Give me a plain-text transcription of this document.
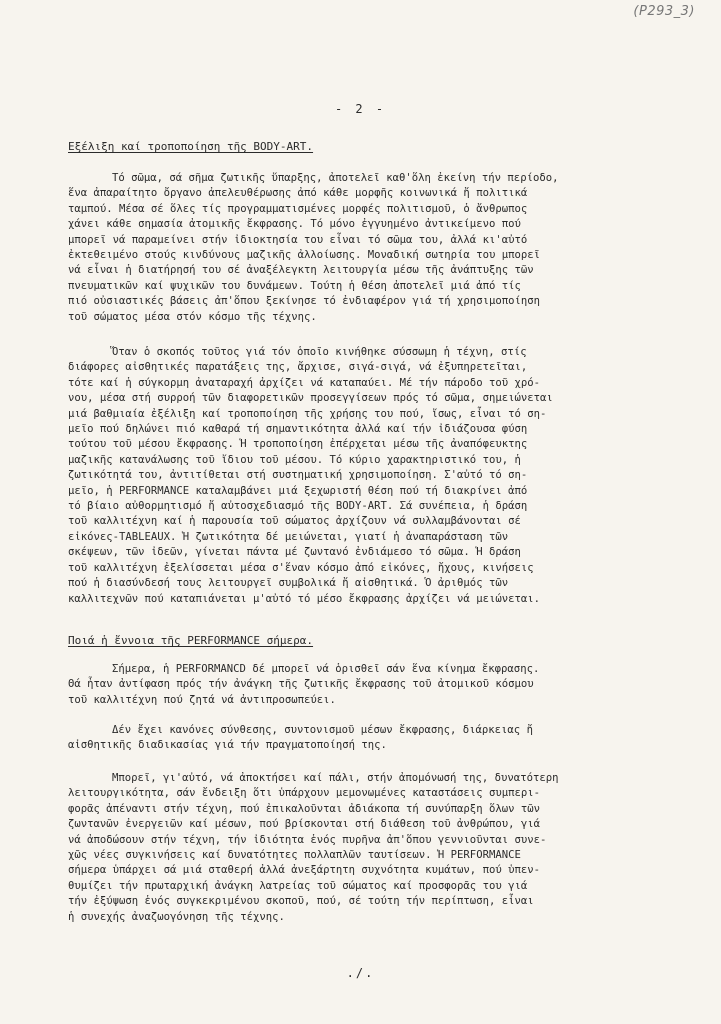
(P293_3)
- 2 -
Εξέλιξη καί τροποποίηση τῆς BODY-ART.

Τό σῶμα, σά σῆμα ζωτικῆς ὕπαρξης, ἀποτελεῖ καθ'ὅλη ἐκείνη τήν περίοδο,
ἕνα ἀπαραίτητο ὄργανο ἀπελευθέρωσης ἀπό κάθε μορφῆς κοινωνικά ἤ πολιτικά
ταμπού. Μέσα σέ ὅλες τίς προγραμματισμένες μορφές πολιτισμοῦ, ὁ ἄνθρωπος
χάνει κάθε σημασία ἀτομικῆς ἔκφρασης. Τό μόνο ἐγγυημένο ἀντικείμενο πού
μπορεῖ νά παραμείνει στήν ἰδιοκτησία του εἶναι τό σῶμα του, ἀλλά κι'αὐτό
ἐκτεθειμένο στούς κινδύνους μαζικῆς ἀλλοίωσης. Μοναδική σωτηρία του μπορεῖ
νά εἶναι ἡ διατήρησή του σέ ἀναξέλεγκτη λειτουργία μέσω τῆς ἀνάπτυξης τῶν
πνευματικῶν καί ψυχικῶν του δυνάμεων. Τούτη ἡ θέση ἀποτελεῖ μιά ἀπό τίς
πιό οὐσιαστικές βάσεις ἀπ'ὅπου ξεκίνησε τό ἐνδιαφέρον γιά τή χρησιμοποίηση
τοῦ σώματος μέσα στόν κόσμο τῆς τέχνης.

Ὅταν ὁ σκοπός τοῦτος γιά τόν ὁποῖο κινήθηκε σύσσωμη ἡ τέχνη, στίς
διάφορες αἰσθητικές παρατάξεις της, ἄρχισε, σιγά-σιγά, νά ἐξυπηρετεῖται,
τότε καί ἡ σύγκορμη ἀναταραχή ἀρχίζει νά καταπαύει. Μέ τήν πάροδο τοῦ χρό-
νου, μέσα στή συρροή τῶν διαφορετικῶν προσεγγίσεων πρός τό σῶμα, σημειώνεται
μιά βαθμιαία ἐξέλιξη καί τροποποίηση τῆς χρήσης του πού, ἴσως, εἶναι τό ση-
μεῖο πού δηλώνει πιό καθαρά τή σημαντικότητα ἀλλά καί τήν ἰδιάζουσα φύση
τούτου τοῦ μέσου ἔκφρασης. Ἡ τροποποίηση ἐπέρχεται μέσω τῆς ἀναπόφευκτης
μαζικῆς κατανάλωσης τοῦ ἴδιου τοῦ μέσου. Τό κύριο χαρακτηριστικό του, ἡ
ζωτικότητά του, ἀντιτίθεται στή συστηματική χρησιμοποίηση. Σ'αὐτό τό ση-
μεῖο, ἡ PERFORMANCE καταλαμβάνει μιά ξεχωριστή θέση πού τή διακρίνει ἀπό
τό βίαιο αὐθορμητισμό ἤ αὐτοσχεδιασμό τῆς BODY-ART. Σά συνέπεια, ἡ δράση
τοῦ καλλιτέχνη καί ἡ παρουσία τοῦ σώματος ἀρχίζουν νά συλλαμβάνονται σέ
εἰκόνες-TABLEAUX. Ἡ ζωτικότητα δέ μειώνεται, γιατί ἡ ἀναπαράσταση τῶν
σκέψεων, τῶν ἰδεῶν, γίνεται πάντα μέ ζωντανό ἐνδιάμεσο τό σῶμα. Ἡ δράση
τοῦ καλλιτέχνη ἐξελίσσεται μέσα σ'ἕναν κόσμο ἀπό εἰκόνες, ἤχους, κινήσεις
πού ἡ διασύνδεσή τους λειτουργεῖ συμβολικά ἤ αἰσθητικά. Ὁ ἀριθμός τῶν
καλλιτεχνῶν πού καταπιάνεται μ'αὐτό τό μέσο ἔκφρασης ἀρχίζει νά μειώνεται.

Ποιά ἡ ἔννοια τῆς PERFORMANCE σήμερα.

Σήμερα, ἡ PERFORMANCD δέ μπορεῖ νά ὁρισθεῖ σάν ἕνα κίνημα ἔκφρασης.
Θά ἦταν ἀντίφαση πρός τήν ἀνάγκη τῆς ζωτικῆς ἔκφρασης τοῦ ἀτομικοῦ κόσμου
τοῦ καλλιτέχνη πού ζητά νά ἀντιπροσωπεύει.

Δέν ἔχει κανόνες σύνθεσης, συντονισμοῦ μέσων ἔκφρασης, διάρκειας ἤ
αἰσθητικῆς διαδικασίας γιά τήν πραγματοποίησή της.

Μπορεῖ, γι'αὐτό, νά ἀποκτήσει καί πάλι, στήν ἀπομόνωσή της, δυνατότερη
λειτουργικότητα, σάν ἔνδειξη ὅτι ὑπάρχουν μεμονωμένες καταστάσεις συμπερι-
φορᾶς ἀπέναντι στήν τέχνη, πού ἐπικαλοῦνται ἀδιάκοπα τή συνύπαρξη ὅλων τῶν
ζωντανῶν ἐνεργειῶν καί μέσων, πού βρίσκονται στή διάθεση τοῦ ἀνθρώπου, γιά
νά ἀποδώσουν στήν τέχνη, τήν ἰδιότητα ἑνός πυρῆνα ἀπ'ὅπου γεννιοῦνται συνε-
χῶς νέες συγκινήσεις καί δυνατότητες πολλαπλῶν ταυτίσεων. Ἡ PERFORMANCE
σήμερα ὑπάρχει σά μιά σταθερή ἀλλά ἀνεξάρτητη συχνότητα κυμάτων, πού ὑπεν-
θυμίζει τήν πρωταρχική ἀνάγκη λατρείας τοῦ σώματος καί προσφορᾶς του γιά
τήν ἐξύψωση ἑνός συγκεκριμένου σκοποῦ, πού, σέ τούτη τήν περίπτωση, εἶναι
ἡ συνεχής ἀναζωογόνηση τῆς τέχνης.

./.
